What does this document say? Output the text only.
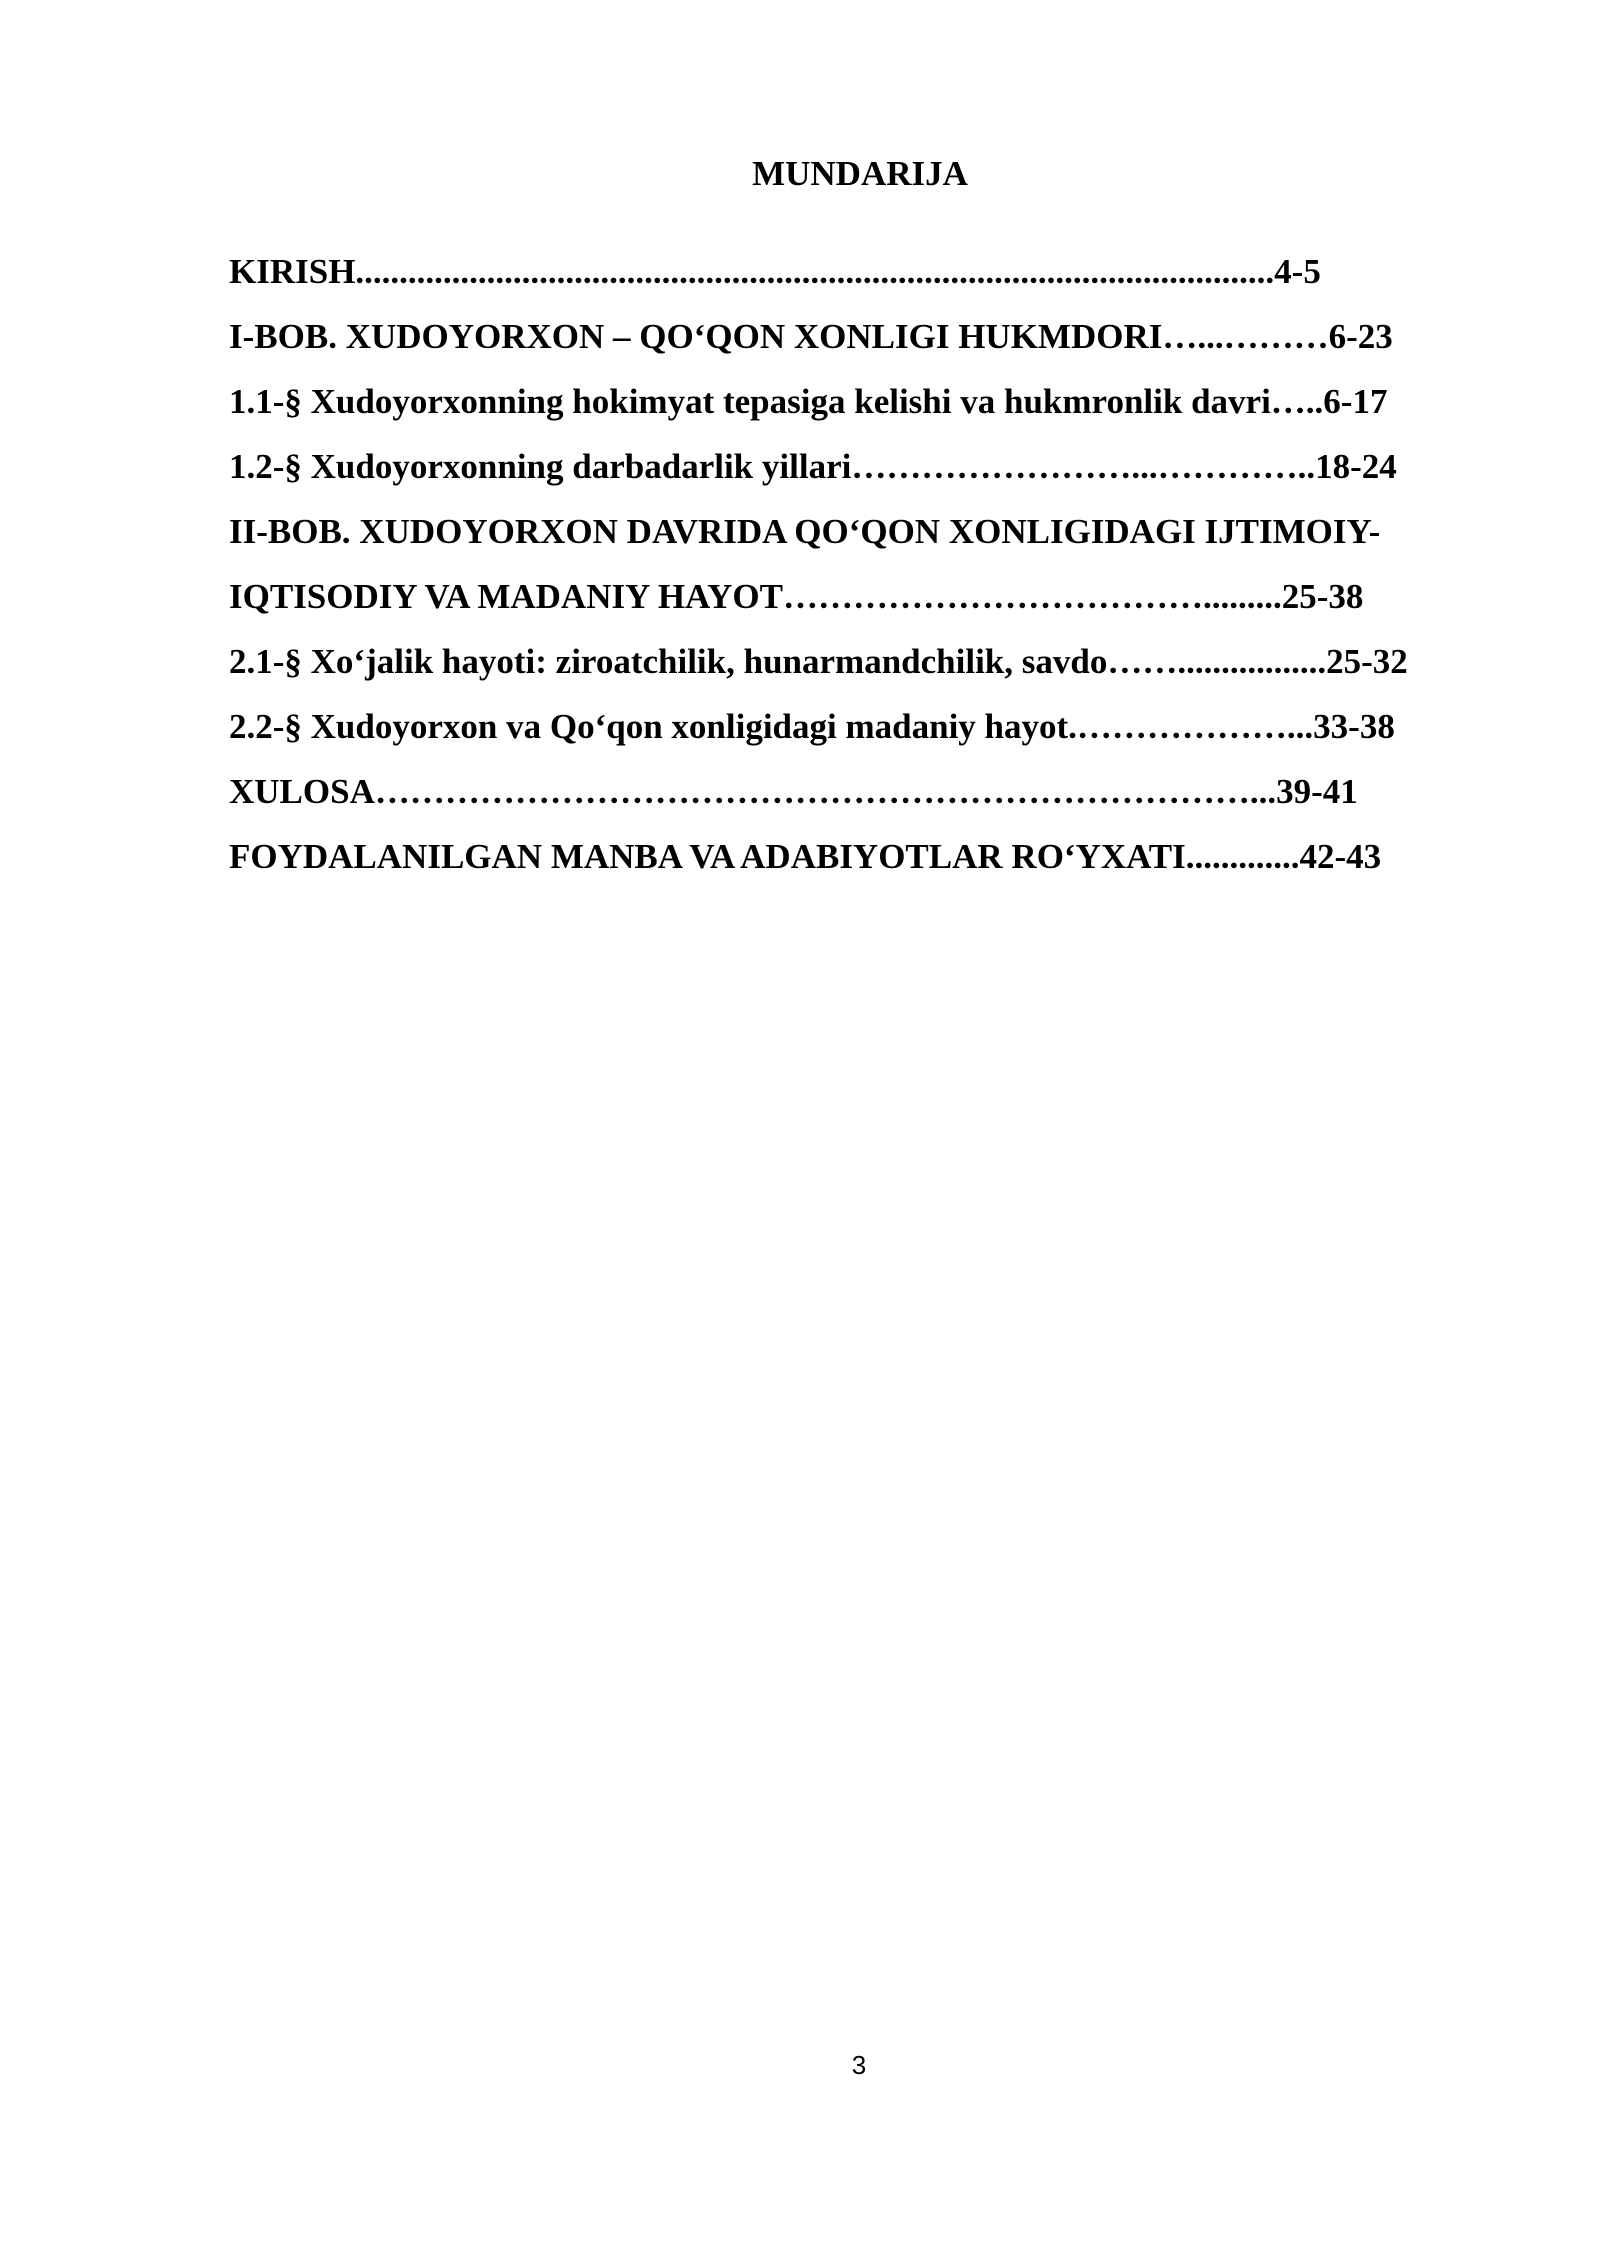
MUNDARIJA
KIRISH.........................................................................................................4-5
I-BOB. XUDOYORXON – QO‘QON XONLIGI HUKMDORI…...………6-23
1.1-§ Xudoyorxonning hokimyat tepasiga kelishi va hukmronlik davri…..6-17
1.2-§ Xudoyorxonning darbadarlik yillari……………………...…………..18-24
II-BOB. XUDOYORXON DAVRIDA QO‘QON XONLIGIDAGI IJTIMOIY-
IQTISODIY VA MADANIY HAYOT……………………………….........25-38
2.1-§ Xo‘jalik hayoti: ziroatchilik, hunarmandchilik, savdo…….................25-32
2.2-§ Xudoyorxon va Qo‘qon xonligidagi madaniy hayot.………………...33-38
XULOSA…………………………………………………………………...39-41
FOYDALANILGAN MANBA VA ADABIYOTLAR RO‘YXATI.............42-43
3
